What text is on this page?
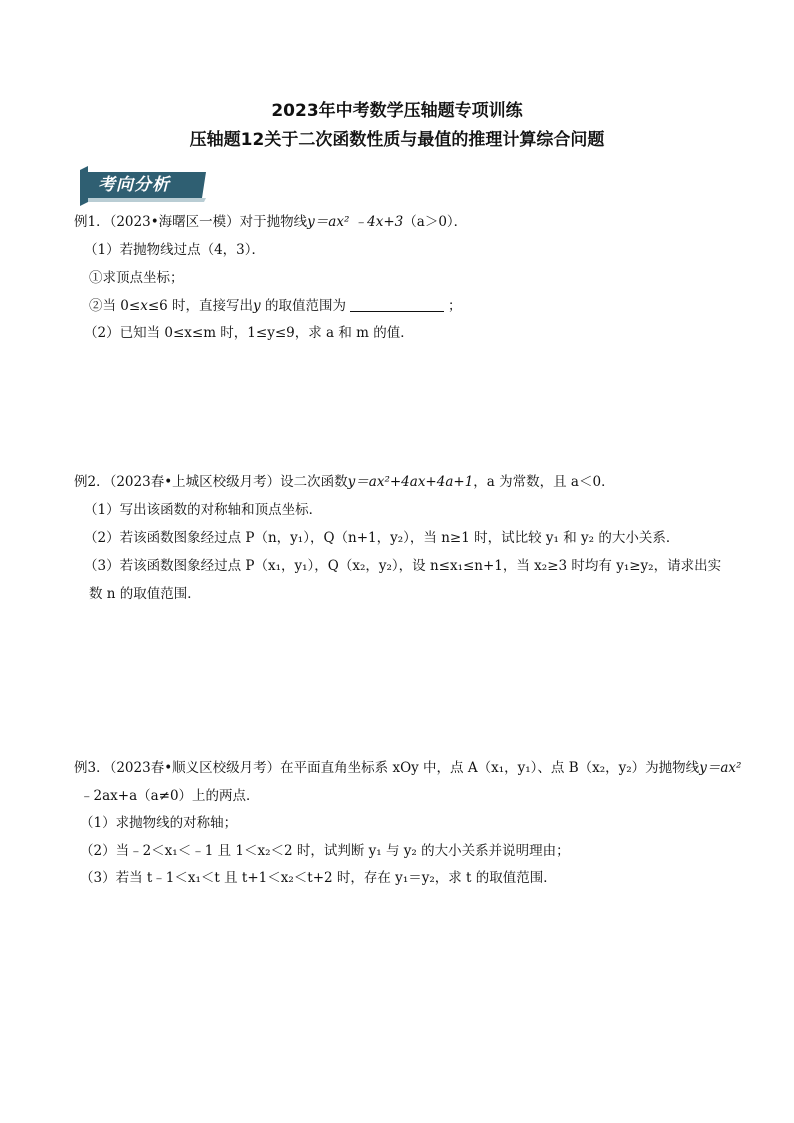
2023年中考数学压轴题专项训练
压轴题12关于二次函数性质与最值的推理计算综合问题
考向分析
例1．（2023•海曙区一模）对于抛物线y＝ax² ﹣4x+3（a＞0）．
（1）若抛物线过点（4，3）．
①求顶点坐标；
②当 0≤x≤6 时，直接写出y 的取值范围为	；
（2）已知当 0≤x≤m 时，1≤y≤9，求 a 和 m 的值．
例2．（2023春•上城区校级月考）设二次函数y＝ax²+4ax+4a+1，a 为常数，且 a＜0．
（1）写出该函数的对称轴和顶点坐标．
（2）若该函数图象经过点 P（n，y₁），Q（n+1，y₂），当 n≥1 时，试比较 y₁ 和 y₂ 的大小关系．
（3）若该函数图象经过点 P（x₁，y₁），Q（x₂，y₂），设 n≤x₁≤n+1，当 x₂≥3 时均有 y₁≥y₂，请求出实
数 n 的取值范围．
例3．（2023春•顺义区校级月考）在平面直角坐标系 xOy 中，点 A（x₁，y₁）、点 B（x₂，y₂）为抛物线y＝ax²
﹣2ax+a（a≠0）上的两点．
（1）求抛物线的对称轴；
（2）当﹣2＜x₁＜﹣1 且 1＜x₂＜2 时，试判断 y₁ 与 y₂ 的大小关系并说明理由；
（3）若当 t﹣1＜x₁＜t 且 t+1＜x₂＜t+2 时，存在 y₁＝y₂，求 t 的取值范围．
